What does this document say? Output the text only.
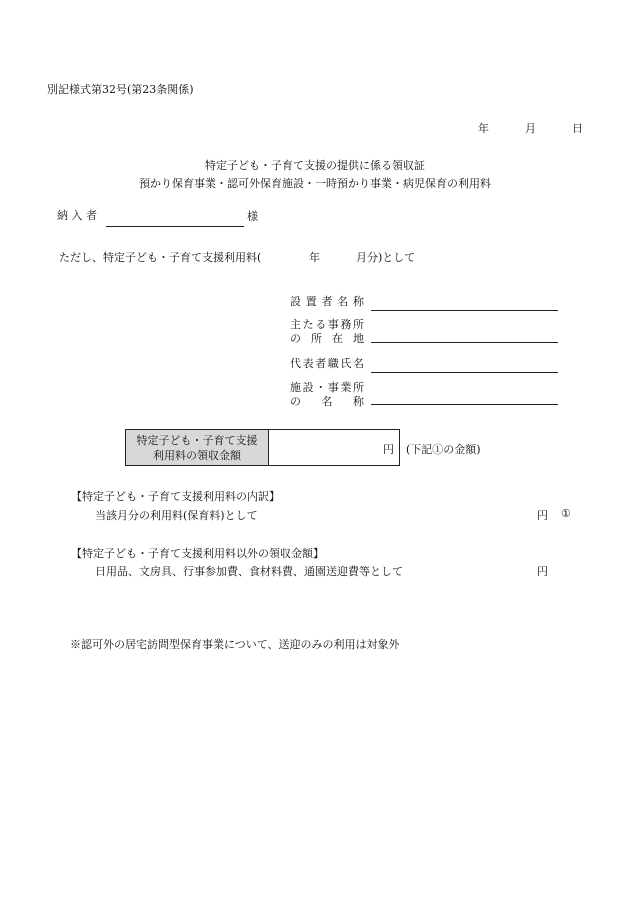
別記様式第32号(第23条関係)
年	月	日
特定子ども・子育て支援の提供に係る領収証
預かり保育事業・認可外保育施設・一時預かり事業・病児保育の利用料
納 入 者	様
ただし、特定子ども・子育て支援利用料(	年	月分)として
設置者名称
主たる事務所
の所在地
代表者職氏名
施設・事業所
の名称
特定子ども・子育て支援
利用料の領収金額	円 (下記①の金額)
【特定子ども・子育て支援利用料の内訳】
当該月分の利用料(保育料)として	円 ①
【特定子ども・子育て支援利用料以外の領収金額】
日用品、文房具、行事参加費、食材料費、通園送迎費等として	円
※認可外の居宅訪問型保育事業について、送迎のみの利用は対象外
